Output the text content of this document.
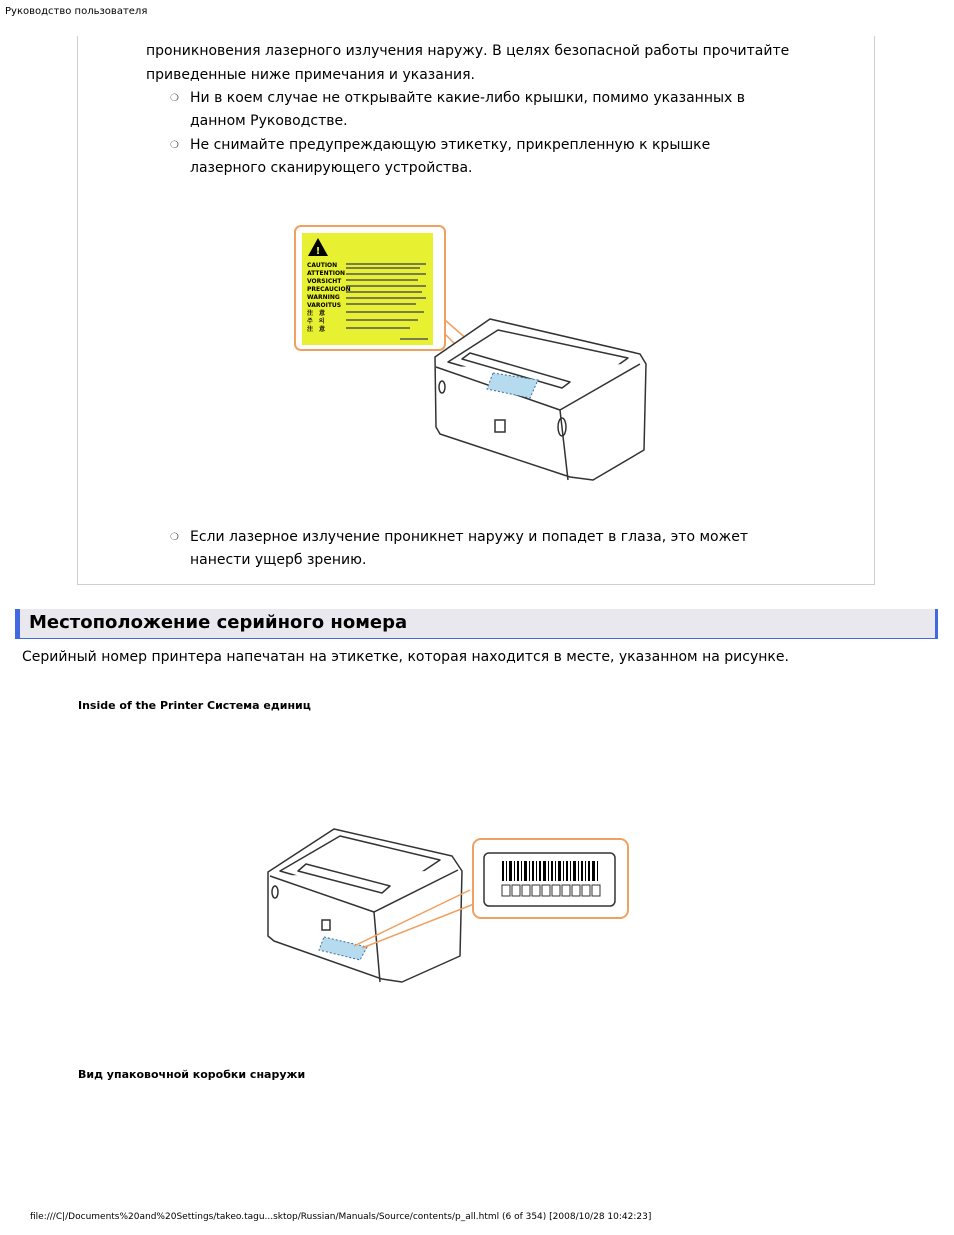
Руководство пользователя
проникновения лазерного излучения наружу. В целях безопасной работы прочитайте
приведенные ниже примечания и указания.
❍ Ни в коем случае не открывайте какие-либо крышки, помимо указанных в
данном Руководстве.
❍ Не снимайте предупреждающую этикетку, прикрепленную к крышке
лазерного сканирующего устройства.
!
CAUTION
ATTENTION
VORSICHT
PRECAUCION
WARNING
VAROITUS
注　意
주　의
注　意
❍ Если лазерное излучение проникнет наружу и попадет в глаза, это может
нанести ущерб зрению.
Местоположение серийного номера
Серийный номер принтера напечатан на этикетке, которая находится в месте, указанном на рисунке.
Inside of the Printer Система единиц
Вид упаковочной коробки снаружи
file:///C|/Documents%20and%20Settings/takeo.tagu...sktop/Russian/Manuals/Source/contents/p_all.html (6 of 354) [2008/10/28 10:42:23]
